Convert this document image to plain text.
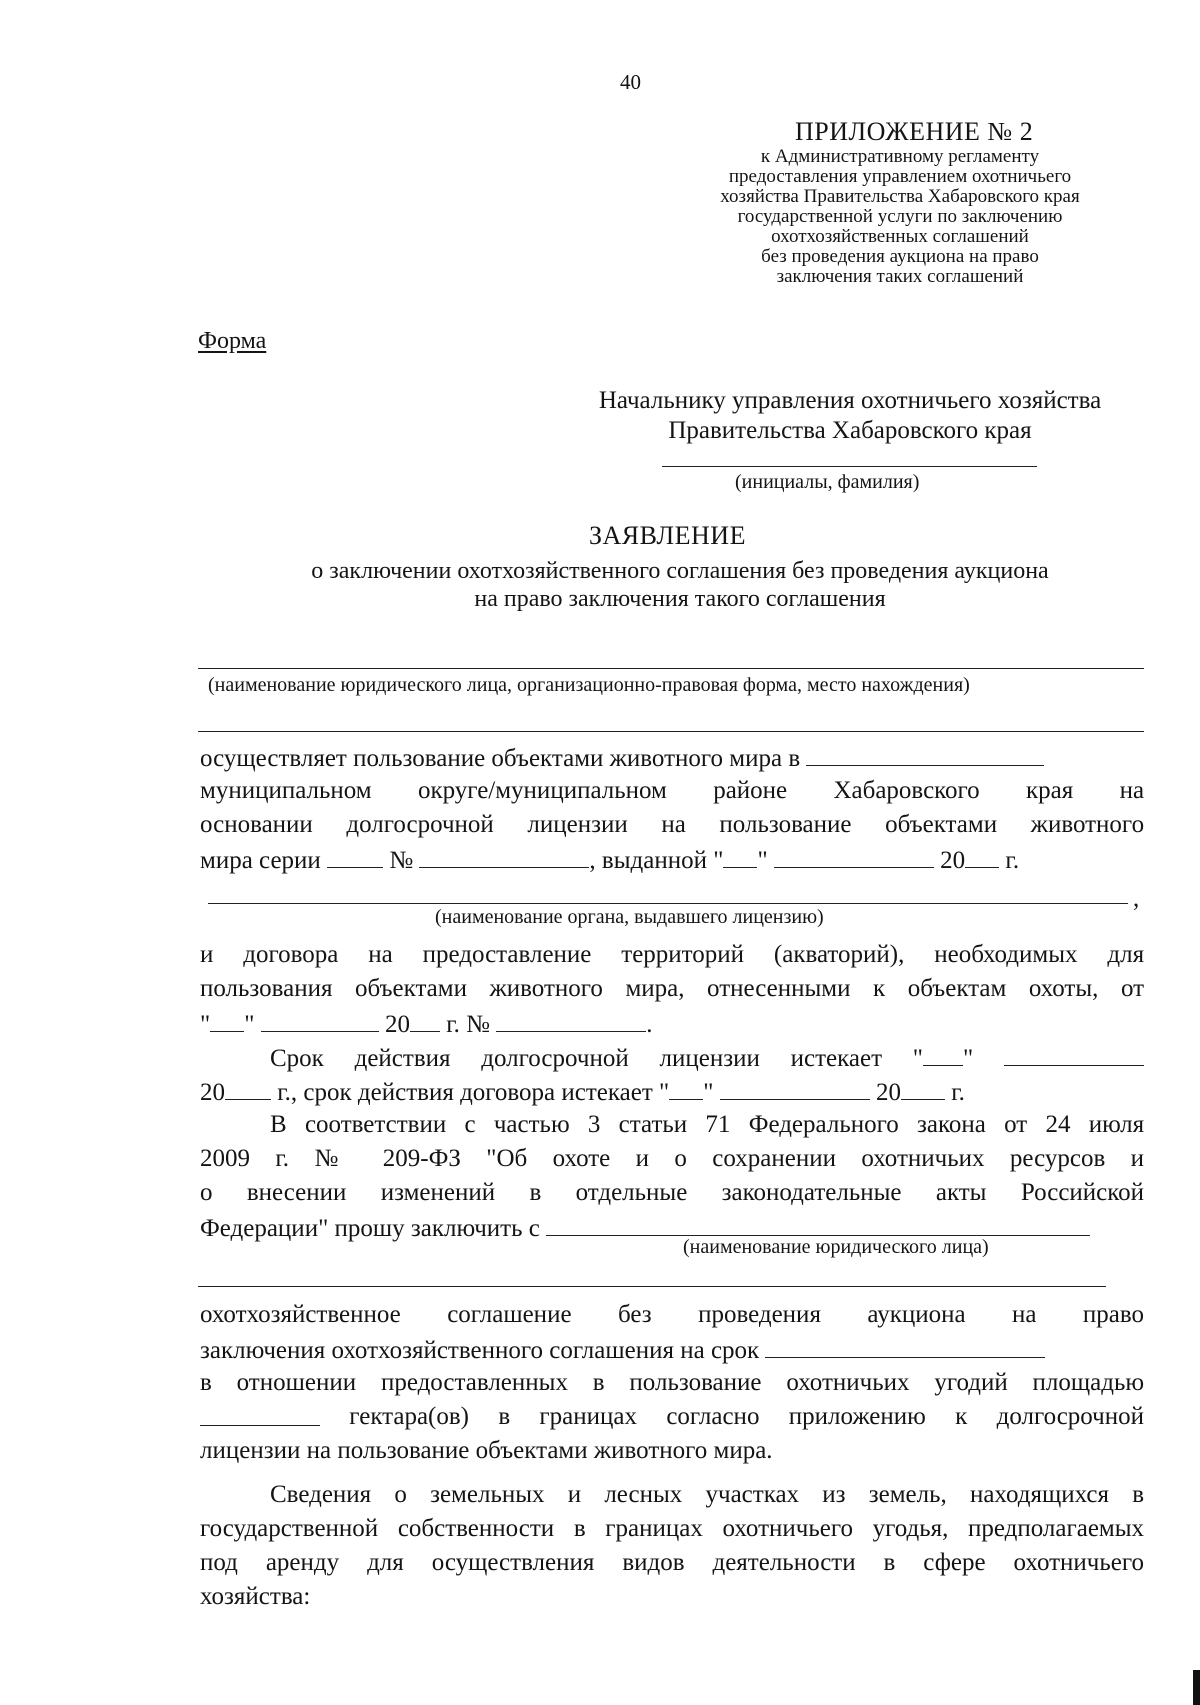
40
ПРИЛОЖЕНИЕ № 2
к Административному регламенту
предоставления управлением охотничьего
хозяйства Правительства Хабаровского края
государственной услуги по заключению
охотхозяйственных соглашений
без проведения аукциона на право
заключения таких соглашений
Форма
Начальнику управления охотничьего хозяйства
Правительства Хабаровского края
(инициалы, фамилия)
ЗАЯВЛЕНИЕ
о заключении охотхозяйственного соглашения без проведения аукциона
на право заключения такого соглашения
(наименование юридического лица, организационно-правовая форма, место нахождения)
осуществляет пользование объектами животного мира в
муниципальном округе/муниципальном районе Хабаровского края на
основании долгосрочной лицензии на пользование объектами животного
мира серии	№	, выданной " "	20 г.
,
(наименование органа, выдавшего лицензию)
и договора на предоставление территорий (акваторий), необходимых для
пользования объектами животного мира, отнесенными к объектам охоты, от
" "	20 г. №	.
Срок действия долгосрочной лицензии истекает " "
20 г., срок действия договора истекает " "	20 г.
В соответствии с частью 3 статьи 71 Федерального закона от 24 июля
2009 г. № 209-ФЗ "Об охоте и о сохранении охотничьих ресурсов и
о внесении изменений в отдельные законодательные акты Российской
Федерации" прошу заключить с
(наименование юридического лица)
охотхозяйственное соглашение без проведения аукциона на право
заключения охотхозяйственного соглашения на срок
в отношении предоставленных в пользование охотничьих угодий площадью
гектара(ов) в границах согласно приложению к долгосрочной
лицензии на пользование объектами животного мира.
Сведения о земельных и лесных участках из земель, находящихся в
государственной собственности в границах охотничьего угодья, предполагаемых
под аренду для осуществления видов деятельности в сфере охотничьего
хозяйства:
